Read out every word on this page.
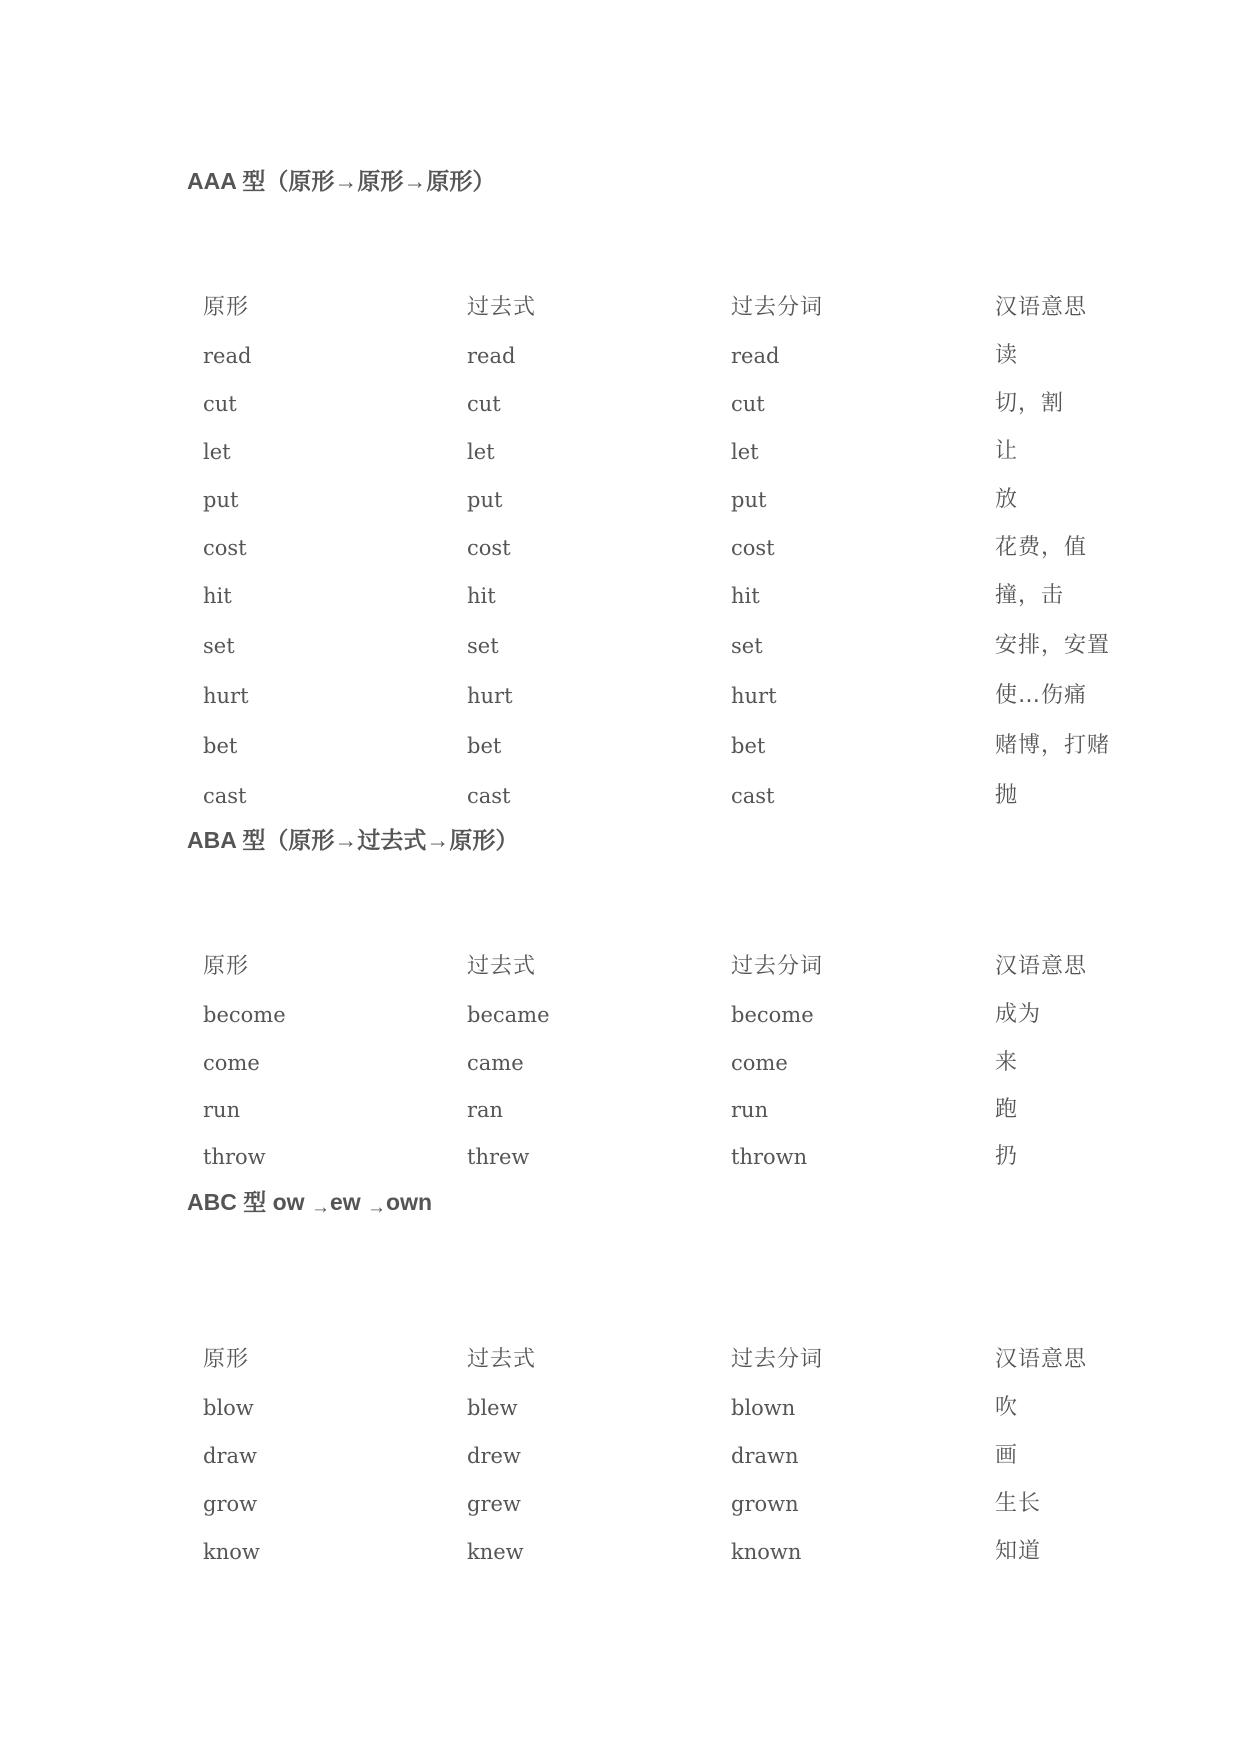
AAA 型（原形→原形→原形）
原形	过去式	过去分词	汉语意思
read	read	read	读
cut	cut	cut	切，割
let	let	let	让
put	put	put	放
cost	cost	cost	花费，值
hit	hit	hit	撞，击
set	set	set	安排，安置
hurt	hurt	hurt	使…伤痛
bet	bet	bet	赌博，打赌
cast	cast	cast	抛
ABA 型（原形→过去式→原形）
原形	过去式	过去分词	汉语意思
become	became	become	成为
come	came	come	来
run	ran	run	跑
throw	threw	thrown	扔
ABC 型 ow →ew →own
原形	过去式	过去分词	汉语意思
blow	blew	blown	吹
draw	drew	drawn	画
grow	grew	grown	生长
know	knew	known	知道
